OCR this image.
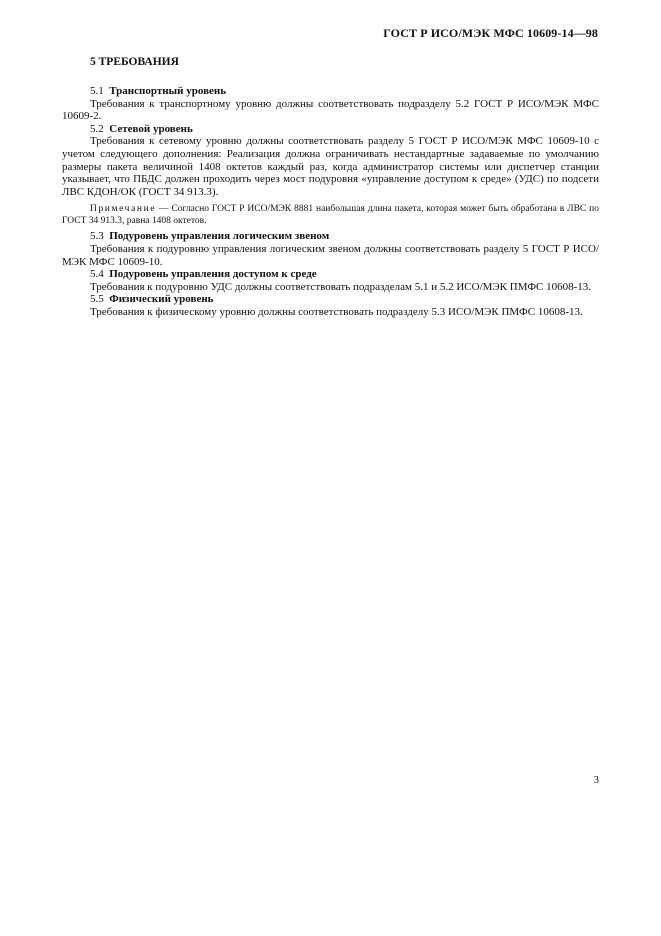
ГОСТ Р ИСО/МЭК МФС 10609-14—98
5 ТРЕБОВАНИЯ

5.1 Транспортный уровень

Требования к транспортному уровню должны соответствовать подразделу 5.2 ГОСТ Р ИСО/МЭК МФС 10609-2.

5.2 Сетевой уровень

Требования к сетевому уровню должны соответствовать разделу 5 ГОСТ Р ИСО/МЭК МФС 10609-10 с учетом следующего дополнения: Реализация должна ограничивать нестандартные задаваемые по умолчанию размеры пакета величиной 1408 октетов каждый раз, когда администратор системы или диспетчер станции указывает, что ПБДС должен проходить через мост подуровня «управление доступом к среде» (УДС) по подсети ЛВС КДОН/ОК (ГОСТ 34 913.3).

Примечание — Согласно ГОСТ Р ИСО/МЭК 8881 наибольшая длина пакета, которая может быть обработана в ЛВС по ГОСТ 34 913.3, равна 1408 октетов.

5.3 Подуровень управления логическим звеном

Требования к подуровню управления логическим звеном должны соответствовать разделу 5 ГОСТ Р ИСО/МЭК МФС 10609-10.

5.4 Подуровень управления доступом к среде

Требования к подуровню УДС должны соответствовать подразделам 5.1 и 5.2 ИСО/МЭК ПМФС 10608-13.

5.5 Физический уровень

Требования к физическому уровню должны соответствовать подразделу 5.3 ИСО/МЭК ПМФС 10608-13.

3
